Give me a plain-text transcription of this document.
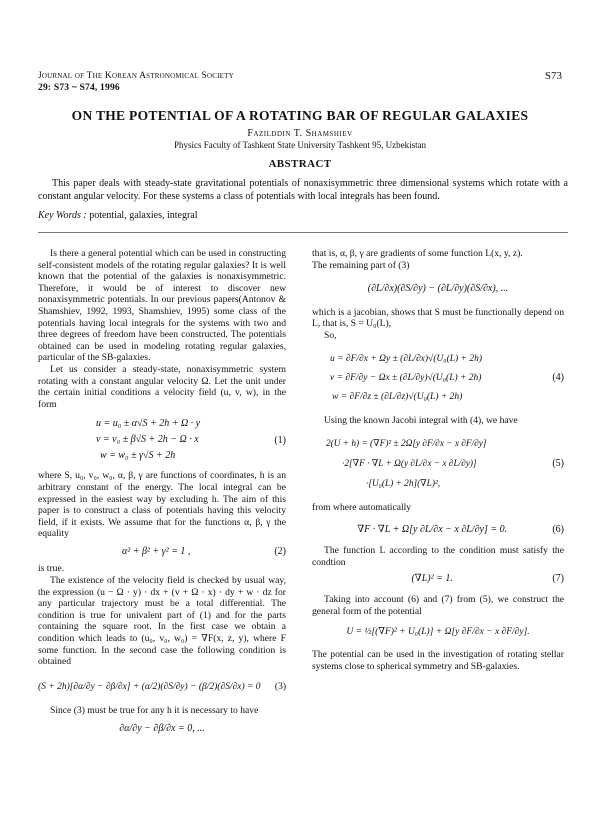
Journal of The Korean Astronomical Society
29: S73 ~ S74, 1996
S73
ON THE POTENTIAL OF A ROTATING BAR OF REGULAR GALAXIES
Fazilddin T. Shamshiev
Physics Faculty of Tashkent State University Tashkent 95, Uzbekistan
ABSTRACT
This paper deals with steady-state gravitational potentials of nonaxisymmetric three dimensional systems which rotate with a constant angular velocity. For these systems a class of potentials with local integrals has been found.
Key Words : potential, galaxies, integral

Is there a general potential which can be used in constructing self-consistent models of the rotating regular galaxies? It is well known that the potential of the galaxies is nonaxisymmetric. Therefore, it would be of interest to discover new nonaxisymmetric potentials. In our previous papers(Antonov & Shamshiev, 1992, 1993, Shamshiev, 1995) some class of the potentials having local integrals for the systems with two and three degrees of freedom have been constructed. The potentials obtained can be used in modeling rotating regular galaxies, particular of the SB-galaxies.

Let us consider a steady-state, nonaxisymmetric system rotating with a constant angular velocity Ω. Let the unit under the certain initial conditions a velocity field (u, v, w), in the form

u = u₀ ± α√S + 2h + Ω · y
v = v₀ ± β√S + 2h − Ω · x
w = w₀ ± γ√S + 2h
(1)

where S, u₀, v₀, w₀, α, β, γ are functions of coordinates, h is an arbitrary constant of the energy. The local integral can be expressed in the easiest way by excluding h. The aim of this paper is to construct a class of potentials having this velocity field, if it exists. We assume that for the functions α, β, γ the equality

α² + β² + γ² = 1 ,	(2)

is true.

The existence of the velocity field is checked by usual way, the expression (u − Ω · y) · dx + (v + Ω · x) · dy + w · dz for any particular trajectory must be a total differential. The condition is true for univalent part of (1) and for the parts containing the square root. In the first case we obtain a condition which leads to (u₀, v₀, w₀) = ∇F(x, z, y), where F some function. In the second case the following condition is obtained

(S + 2h)[∂α/∂y − ∂β/∂x] + (α/2)(∂S/∂y) − (β/2)(∂S/∂x) = 0	(3)

Since (3) must be true for any h it is necessary to have

∂α/∂y − ∂β/∂x = 0, ...

that is, α, β, γ are gradients of some function L(x, y, z).

The remaining part of (3)

(∂L/∂x)(∂S/∂y) − (∂L/∂y)(∂S/∂x), ...

which is a jacobian, shows that S must be functionally depend on L, that is, S = U₀(L),

So,

u = ∂F/∂x + Ωy ± (∂L/∂x)√(U₀(L) + 2h)
v = ∂F/∂y − Ωx ± (∂L/∂y)√(U₀(L) + 2h)
w = ∂F/∂z ± (∂L/∂z)√(U₀(L) + 2h)
(4)

Using the known Jacobi integral with (4), we have

2(U + h) = (∇F)² ± 2Ω[y ∂F/∂x − x ∂F/∂y]
·2[∇F · ∇L + Ω(y ∂L/∂x − x ∂L/∂y)]
·[U₀(L) + 2h](∇L)²,
(5)

from where automatically

∇F · ∇L + Ω[y ∂L/∂x − x ∂L/∂y] = 0.	(6)

The function L according to the condition must satisfy the condtion

(∇L)² = 1.	(7)

Taking into account (6) and (7) from (5), we construct the general form of the potential

U = ½[(∇F)² + U₀(L)] + Ω[y ∂F/∂x − x ∂F/∂y].

The potential can be used in the investigation of rotating stellar systems close to spherical symmetry and SB-galaxies.
